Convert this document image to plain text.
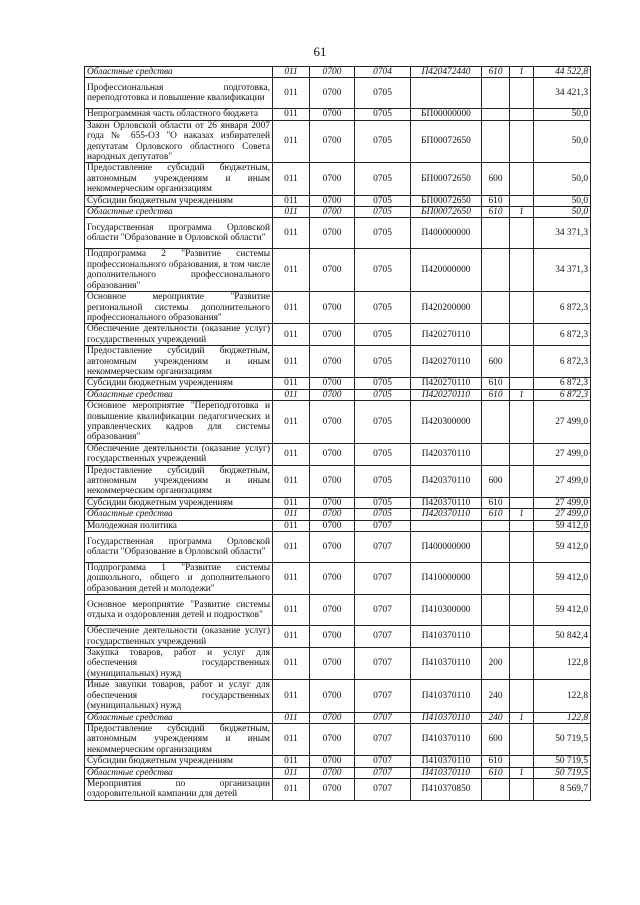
61
Областные средства	011	0700	0704	П420472440	610	1	44 522,8
Профессиональная подготовка, переподготовка и повышение квалификации	011	0700	0705				34 421,3
Непрограммная часть областного бюджета	011	0700	0705	БП00000000			50,0
Закон Орловской области от 26 января 2007 года № 655-ОЗ "О наказах избирателей депутатам Орловского областного Совета народных депутатов"	011	0700	0705	БП00072650			50,0
Предоставление субсидий бюджетным, автономным учреждениям и иным некоммерческим организациям	011	0700	0705	БП00072650	600		50,0
Субсидии бюджетным учреждениям	011	0700	0705	БП00072650	610		50,0
Областные средства	011	0700	0705	БП00072650	610	1	50,0
Государственная программа Орловской области "Образование в Орловской области"	011	0700	0705	П400000000			34 371,3
Подпрограмма 2 "Развитие системы профессионального образования, в том числе дополнительного профессионального образования"	011	0700	0705	П420000000			34 371,3
Основное мероприятие "Развитие региональной системы дополнительного профессионального образования"	011	0700	0705	П420200000			6 872,3
Обеспечение деятельности (оказание услуг) государственных учреждений	011	0700	0705	П420270110			6 872,3
Предоставление субсидий бюджетным, автономным учреждениям и иным некоммерческим организациям	011	0700	0705	П420270110	600		6 872,3
Субсидии бюджетным учреждениям	011	0700	0705	П420270110	610		6 872,3
Областные средства	011	0700	0705	П420270110	610	1	6 872,3
Основное мероприятие "Переподготовка и повышение квалификации педагогических и управленческих кадров для системы образования"	011	0700	0705	П420300000			27 499,0
Обеспечение деятельности (оказание услуг) государственных учреждений	011	0700	0705	П420370110			27 499,0
Предоставление субсидий бюджетным, автономным учреждениям и иным некоммерческим организациям	011	0700	0705	П420370110	600		27 499,0
Субсидии бюджетным учреждениям	011	0700	0705	П420370110	610		27 499,0
Областные средства	011	0700	0705	П420370110	610	1	27 499,0
Молодежная политика	011	0700	0707				59 412,0
Государственная программа Орловской области "Образование в Орловской области"	011	0700	0707	П400000000			59 412,0
Подпрограмма 1 "Развитие системы дошкольного, общего и дополнительного образования детей и молодежи"	011	0700	0707	П410000000			59 412,0
Основное мероприятие "Развитие системы отдыха и оздоровления детей и подростков"	011	0700	0707	П410300000			59 412,0
Обеспечение деятельности (оказание услуг) государственных учреждений	011	0700	0707	П410370110			50 842,4
Закупка товаров, работ и услуг для обеспечения государственных (муниципальных) нужд	011	0700	0707	П410370110	200		122,8
Иные закупки товаров, работ и услуг для обеспечения государственных (муниципальных) нужд	011	0700	0707	П410370110	240		122,8
Областные средства	011	0700	0707	П410370110	240	1	122,8
Предоставление субсидий бюджетным, автономным учреждениям и иным некоммерческим организациям	011	0700	0707	П410370110	600		50 719,5
Субсидии бюджетным учреждениям	011	0700	0707	П410370110	610		50 719,5
Областные средства	011	0700	0707	П410370110	610	1	50 719,5
Мероприятия по организации оздоровительной кампании для детей	011	0700	0707	П410370850			8 569,7
